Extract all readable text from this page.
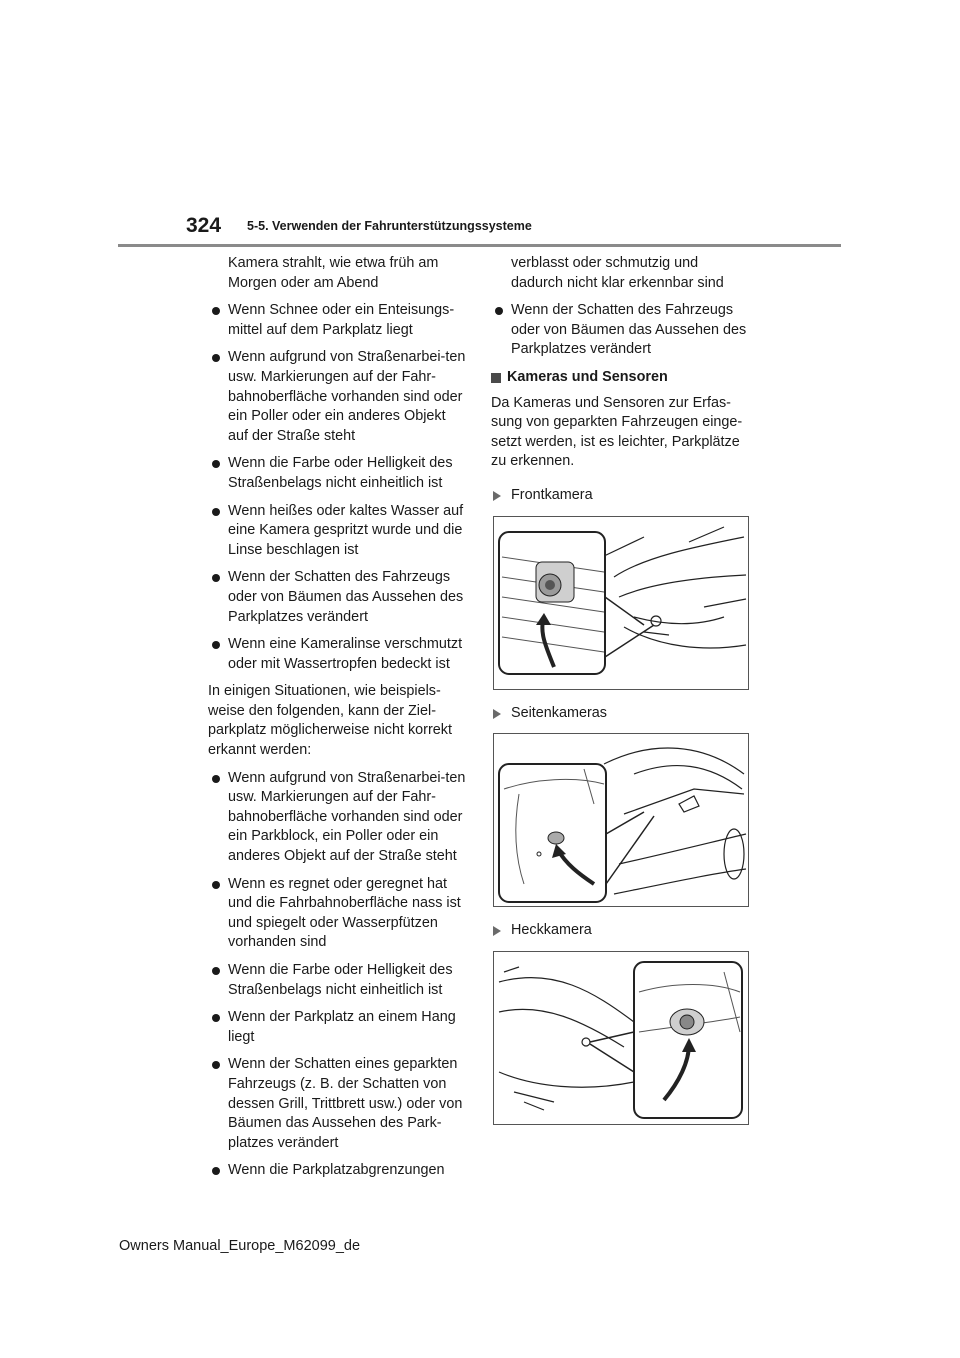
324 5-5. Verwenden der Fahrunterstützungssysteme

Kamera strahlt, wie etwa früh am Morgen oder am Abend

Wenn Schnee oder ein Enteisungs-mittel auf dem Parkplatz liegt

Wenn aufgrund von Straßenarbei-ten usw. Markierungen auf der Fahr-bahnoberfläche vorhanden sind oder ein Poller oder ein anderes Objekt auf der Straße steht

Wenn die Farbe oder Helligkeit des Straßenbelags nicht einheitlich ist

Wenn heißes oder kaltes Wasser auf eine Kamera gespritzt wurde und die Linse beschlagen ist

Wenn der Schatten des Fahrzeugs oder von Bäumen das Aussehen des Parkplatzes verändert

Wenn eine Kameralinse verschmutzt oder mit Wassertropfen bedeckt ist

In einigen Situationen, wie beispiels-weise den folgenden, kann der Ziel-parkplatz möglicherweise nicht korrekt erkannt werden:

Wenn aufgrund von Straßenarbei-ten usw. Markierungen auf der Fahr-bahnoberfläche vorhanden sind oder ein Parkblock, ein Poller oder ein anderes Objekt auf der Straße steht

Wenn es regnet oder geregnet hat und die Fahrbahnoberfläche nass ist und spiegelt oder Wasserpfützen vorhanden sind

Wenn die Farbe oder Helligkeit des Straßenbelags nicht einheitlich ist

Wenn der Parkplatz an einem Hang liegt

Wenn der Schatten eines geparkten Fahrzeugs (z. B. der Schatten von dessen Grill, Trittbrett usw.) oder von Bäumen das Aussehen des Park-platzes verändert

Wenn die Parkplatzabgrenzungen

verblasst oder schmutzig und dadurch nicht klar erkennbar sind

Wenn der Schatten des Fahrzeugs oder von Bäumen das Aussehen des Parkplatzes verändert

Kameras und Sensoren

Da Kameras und Sensoren zur Erfas-sung von geparkten Fahrzeugen einge-setzt werden, ist es leichter, Parkplätze zu erkennen.

Frontkamera

Seitenkameras

Heckkamera

Owners Manual_Europe_M62099_de
